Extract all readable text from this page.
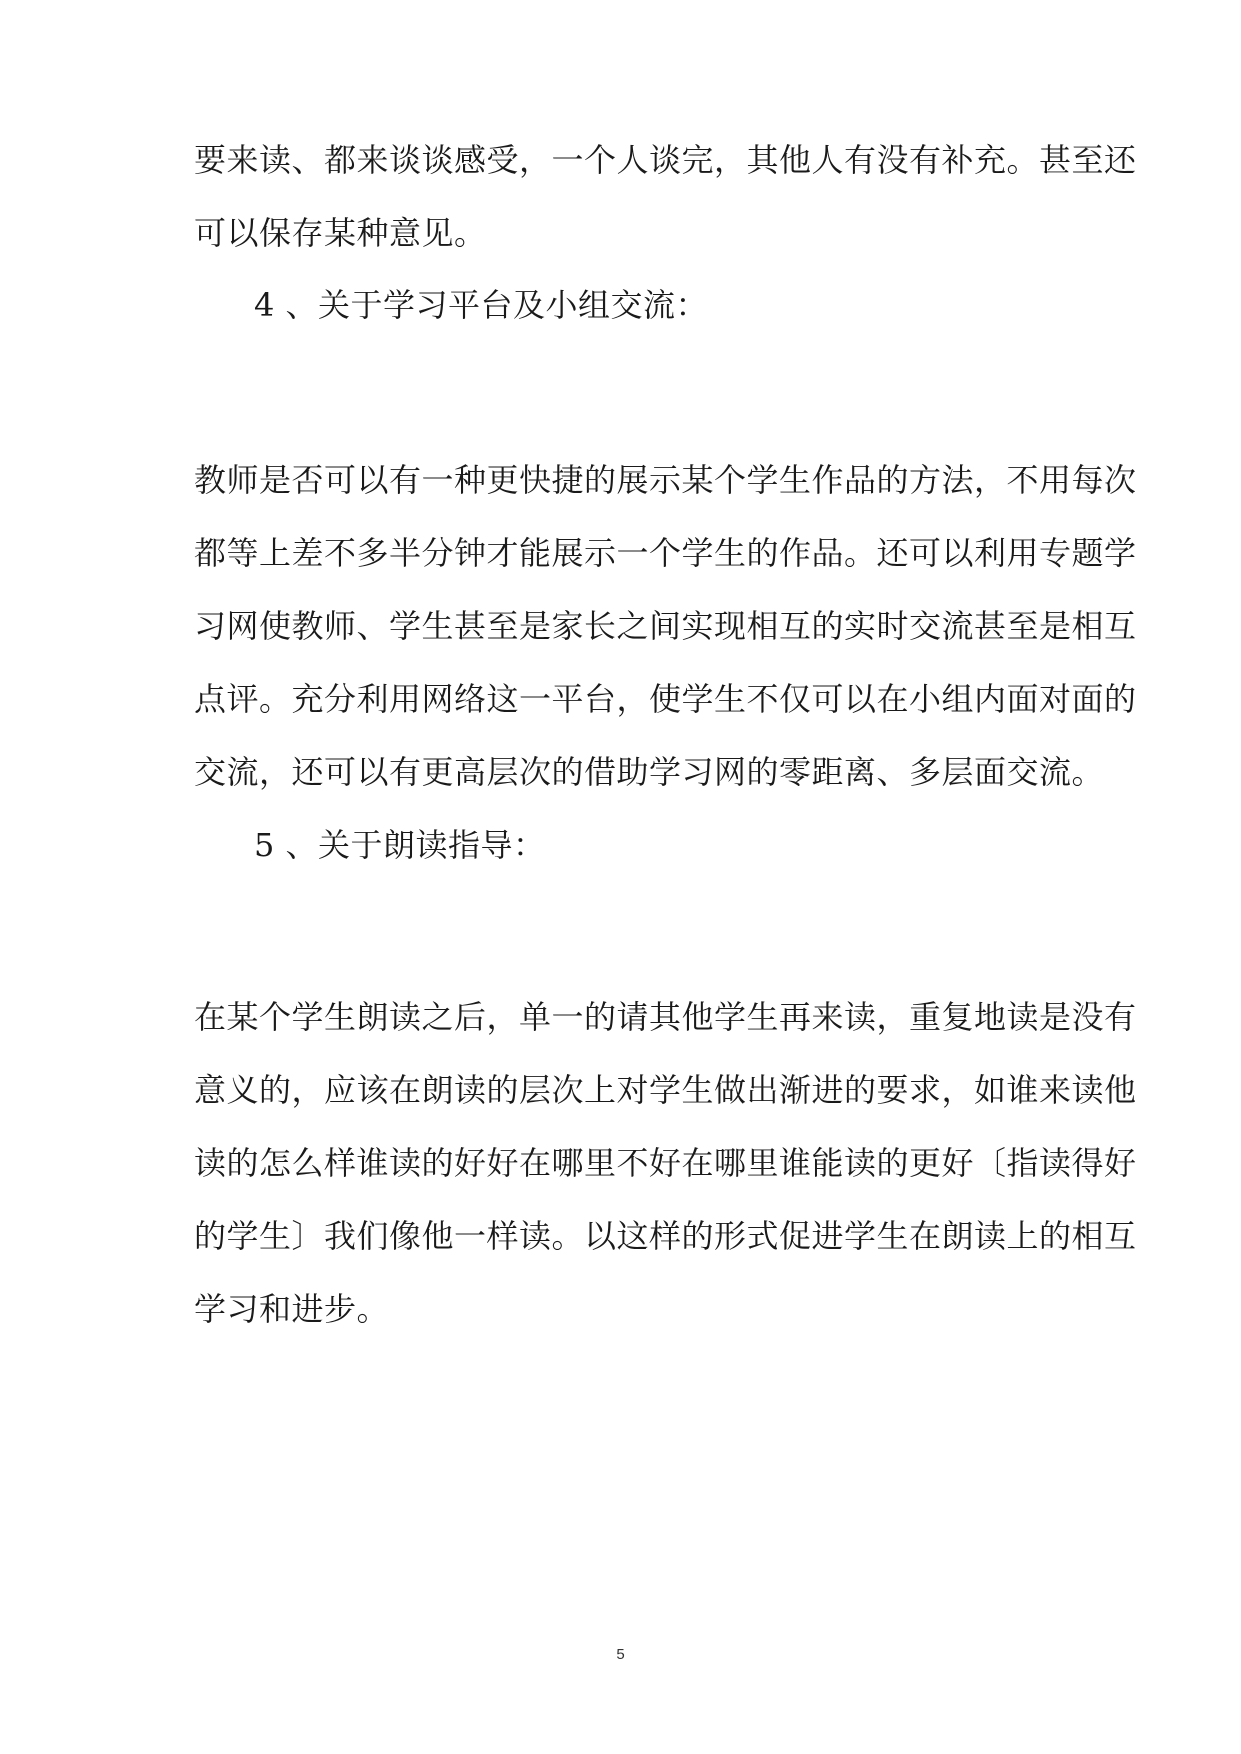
要来读、都来谈谈感受，一个人谈完，其他人有没有补充。甚至还

可以保存某种意见。

4 、关于学习平台及小组交流：

教师是否可以有一种更快捷的展示某个学生作品的方法，不用每次

都等上差不多半分钟才能展示一个学生的作品。还可以利用专题学

习网使教师、学生甚至是家长之间实现相互的实时交流甚至是相互

点评。充分利用网络这一平台，使学生不仅可以在小组内面对面的

交流，还可以有更高层次的借助学习网的零距离、多层面交流。

5 、关于朗读指导：

在某个学生朗读之后，单一的请其他学生再来读，重复地读是没有

意义的，应该在朗读的层次上对学生做出渐进的要求，如谁来读他

读的怎么样谁读的好好在哪里不好在哪里谁能读的更好〔指读得好

的学生〕我们像他一样读。以这样的形式促进学生在朗读上的相互

学习和进步。

5
